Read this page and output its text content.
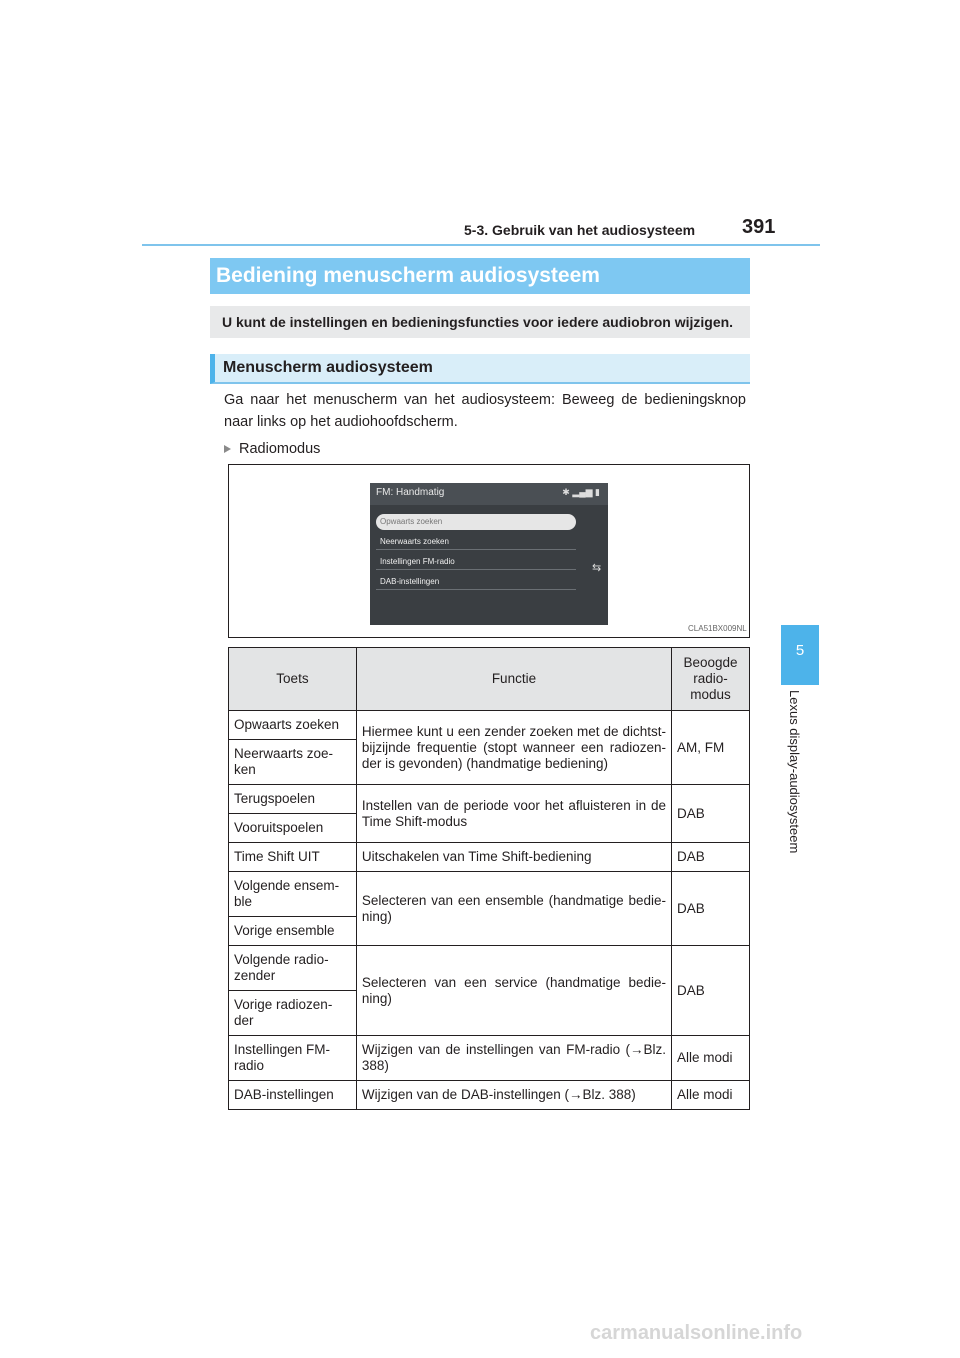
5-3. Gebruik van het audiosysteem 391
5
Lexus display-audiosysteem
Bediening menuscherm audiosysteem
U kunt de instellingen en bedieningsfuncties voor iedere audiobron wijzigen.
Menuscherm audiosysteem
Ga naar het menuscherm van het audiosysteem: Beweeg de bedieningsknop naar links op het audiohoofdscherm.
Radiomodus
FM: Handmatig	✱ ▂▄▆ ▮
Opwaarts zoeken
Neerwaarts zoeken
Instellingen FM-radio
DAB-instellingen
⇆
CLA51BX009NL
Toets	Functie	Beoogde radio-modus
Opwaarts zoeken	Hiermee kunt u een zender zoeken met de dichtst-bijzijnde frequentie (stopt wanneer een radiozen-der is gevonden) (handmatige bediening)	AM, FM
Neerwaarts zoe-ken		
Terugspoelen	Instellen van de periode voor het afluisteren in de Time Shift-modus	DAB
Vooruitspoelen		
Time Shift UIT	Uitschakelen van Time Shift-bediening	DAB
Volgende ensem-ble	Selecteren van een ensemble (handmatige bedie-ning)	DAB
Vorige ensemble		
Volgende radio-zender	Selecteren van een service (handmatige bedie-ning)	DAB
Vorige radiozen-der		
Instellingen FM-radio	Wijzigen van de instellingen van FM-radio (→Blz. 388)	Alle modi
DAB-instellingen	Wijzigen van de DAB-instellingen (→Blz. 388)	Alle modi
carmanualsonline.info
